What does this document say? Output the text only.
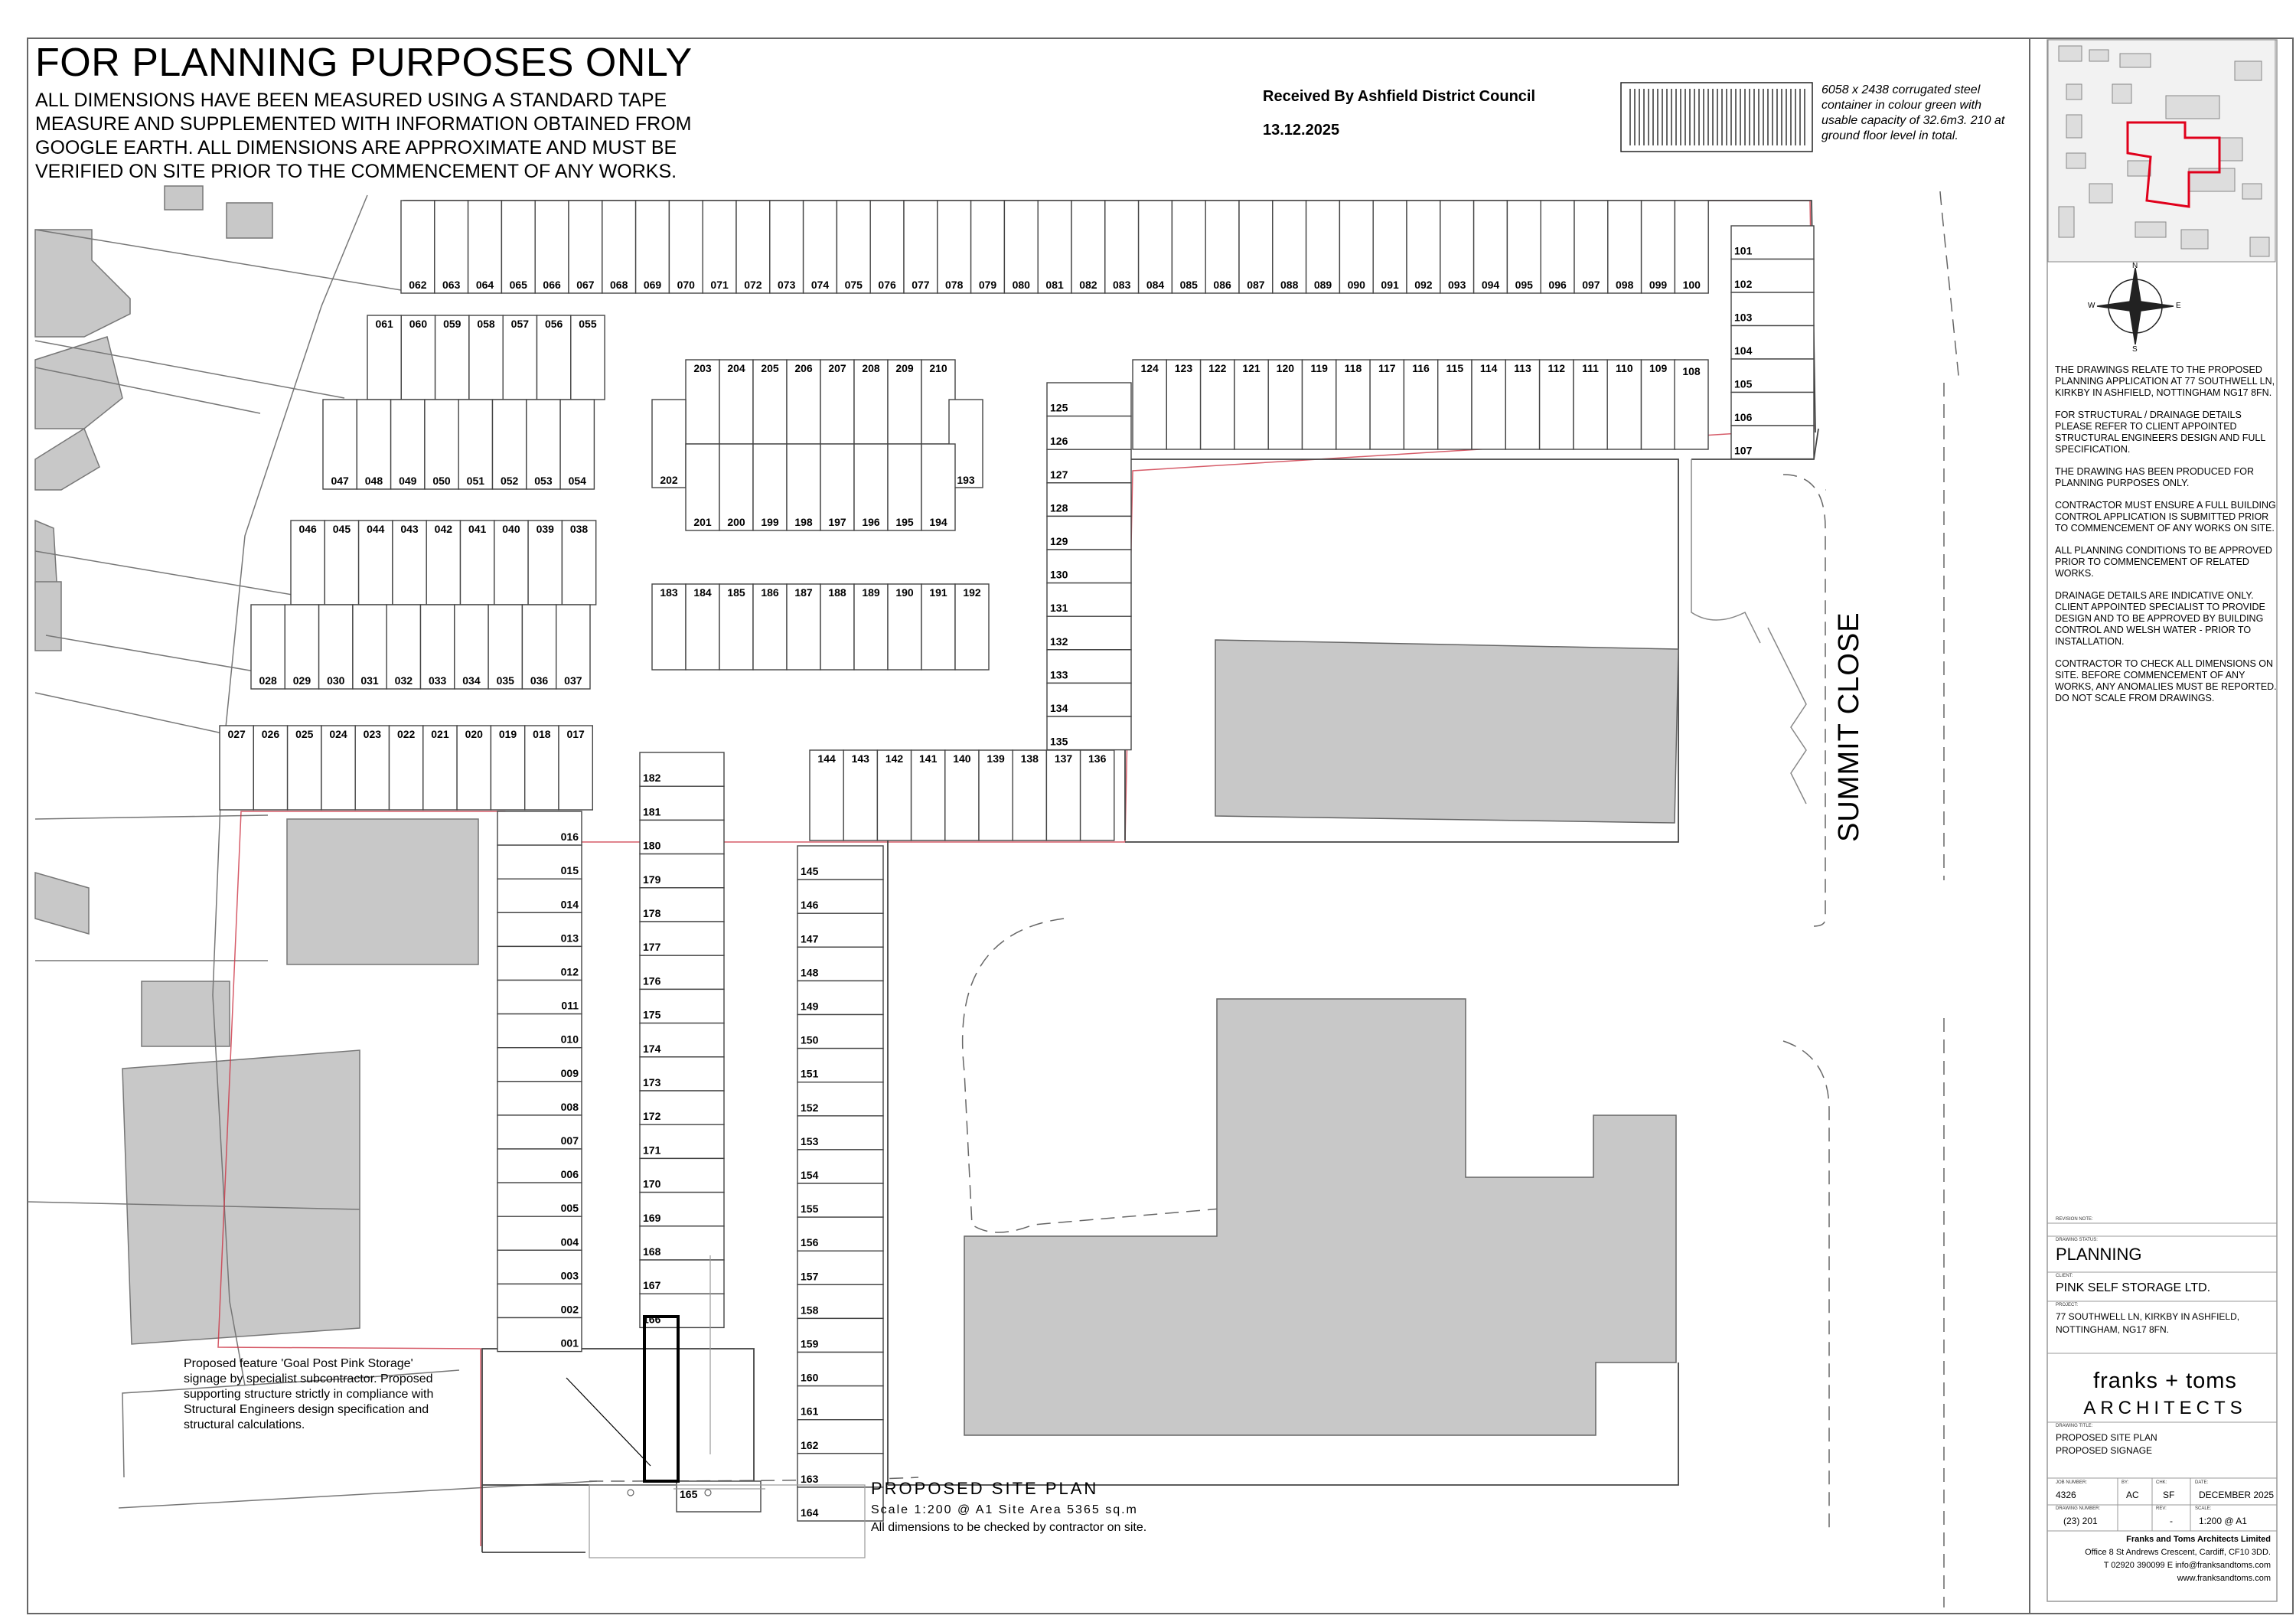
062 063 064 065 066 067 068 069 070 071 072 073 074 075 076 077 078 079 080 081 082 083 084 085 086 087 088 089 090 091 092 093 094 095 096 097 098 099 100
101
102
103
104
105
106
107
061 060 059 058 057 056 055
047 048 049 050 051 052 053 054
046 045 044 043 042 041 040 039 038
028 029 030 031 032 033 034 035 036 037
027 026 025 024 023 022 021 020 019 018 017
016
015
014
013
012
011
010
009
008
007
006
005
004
003
002
001
203 204 205 206 207 208 209 210
202	193
201 200 199 198 197 196 195 194
183 184 185 186 187 188 189 190 191 192
182
181
180
179
178
177
176
175
174
173
172
171
170
169
168
167
166
165
145
146
147
148
149
150
151
152
153
154
155
156
157
158
159
160
161
162
163
164
144 143 142 141 140 139 138 137 136
125
126
127
128
129
130
131
132
133
134
135
124 123 122 121 120 119 118 117 116 115 114 113 112 111 110 109 108
FOR PLANNING PURPOSES ONLY
ALL DIMENSIONS HAVE BEEN MEASURED USING A STANDARD TAPE MEASURE AND SUPPLEMENTED WITH INFORMATION OBTAINED FROM GOOGLE EARTH. ALL DIMENSIONS ARE APPROXIMATE AND MUST BE VERIFIED ON SITE PRIOR TO THE COMMENCEMENT OF ANY WORKS.
Received By Ashfield District Council
13.12.2025
6058 x 2438 corrugated steel container in colour green with usable capacity of 32.6m3. 210 at ground floor level in total.
SUMMIT CLOSE
Proposed feature 'Goal Post Pink Storage' signage by specialist subcontractor. Proposed supporting structure strictly in compliance with Structural Engineers design specification and structural calculations.
PROPOSED SITE PLAN
Scale 1:200 @ A1 Site Area 5365 sq.m
All dimensions to be checked by contractor on site.
N
E
S
W

THE DRAWINGS RELATE TO THE PROPOSED PLANNING APPLICATION AT 77 SOUTHWELL LN, KIRKBY IN ASHFIELD, NOTTINGHAM NG17 8FN.

FOR STRUCTURAL / DRAINAGE DETAILS PLEASE REFER TO CLIENT APPOINTED STRUCTURAL ENGINEERS DESIGN AND FULL SPECIFICATION.

THE DRAWING HAS BEEN PRODUCED FOR PLANNING PURPOSES ONLY.

CONTRACTOR MUST ENSURE A FULL BUILDING CONTROL APPLICATION IS SUBMITTED PRIOR TO COMMENCEMENT OF ANY WORKS ON SITE.

ALL PLANNING CONDITIONS TO BE APPROVED PRIOR TO COMMENCEMENT OF RELATED WORKS.

DRAINAGE DETAILS ARE INDICATIVE ONLY. CLIENT APPOINTED SPECIALIST TO PROVIDE DESIGN AND TO BE APPROVED BY BUILDING CONTROL AND WELSH WATER - PRIOR TO INSTALLATION.

CONTRACTOR TO CHECK ALL DIMENSIONS ON SITE. BEFORE COMMENCEMENT OF ANY WORKS, ANY ANOMALIES MUST BE REPORTED. DO NOT SCALE FROM DRAWINGS.

REVISION NOTE:
DRAWING STATUS:
PLANNING
CLIENT:
PINK SELF STORAGE LTD.
PROJECT:
77 SOUTHWELL LN, KIRKBY IN ASHFIELD, NOTTINGHAM, NG17 8FN.
franks + toms
ARCHITECTS
DRAWING TITLE:
PROPOSED SITE PLAN
PROPOSED SIGNAGE
JOB NUMBER:
4326
BY:
AC
CHK:
SF
DATE:
DECEMBER 2025
DRAWING NUMBER:
(23) 201
REV:
-
SCALE:
1:200 @ A1
Franks and Toms Architects Limited
Office 8 St Andrews Crescent, Cardiff, CF10 3DD.
T 02920 390099 E info@franksandtoms.com
www.franksandtoms.com
